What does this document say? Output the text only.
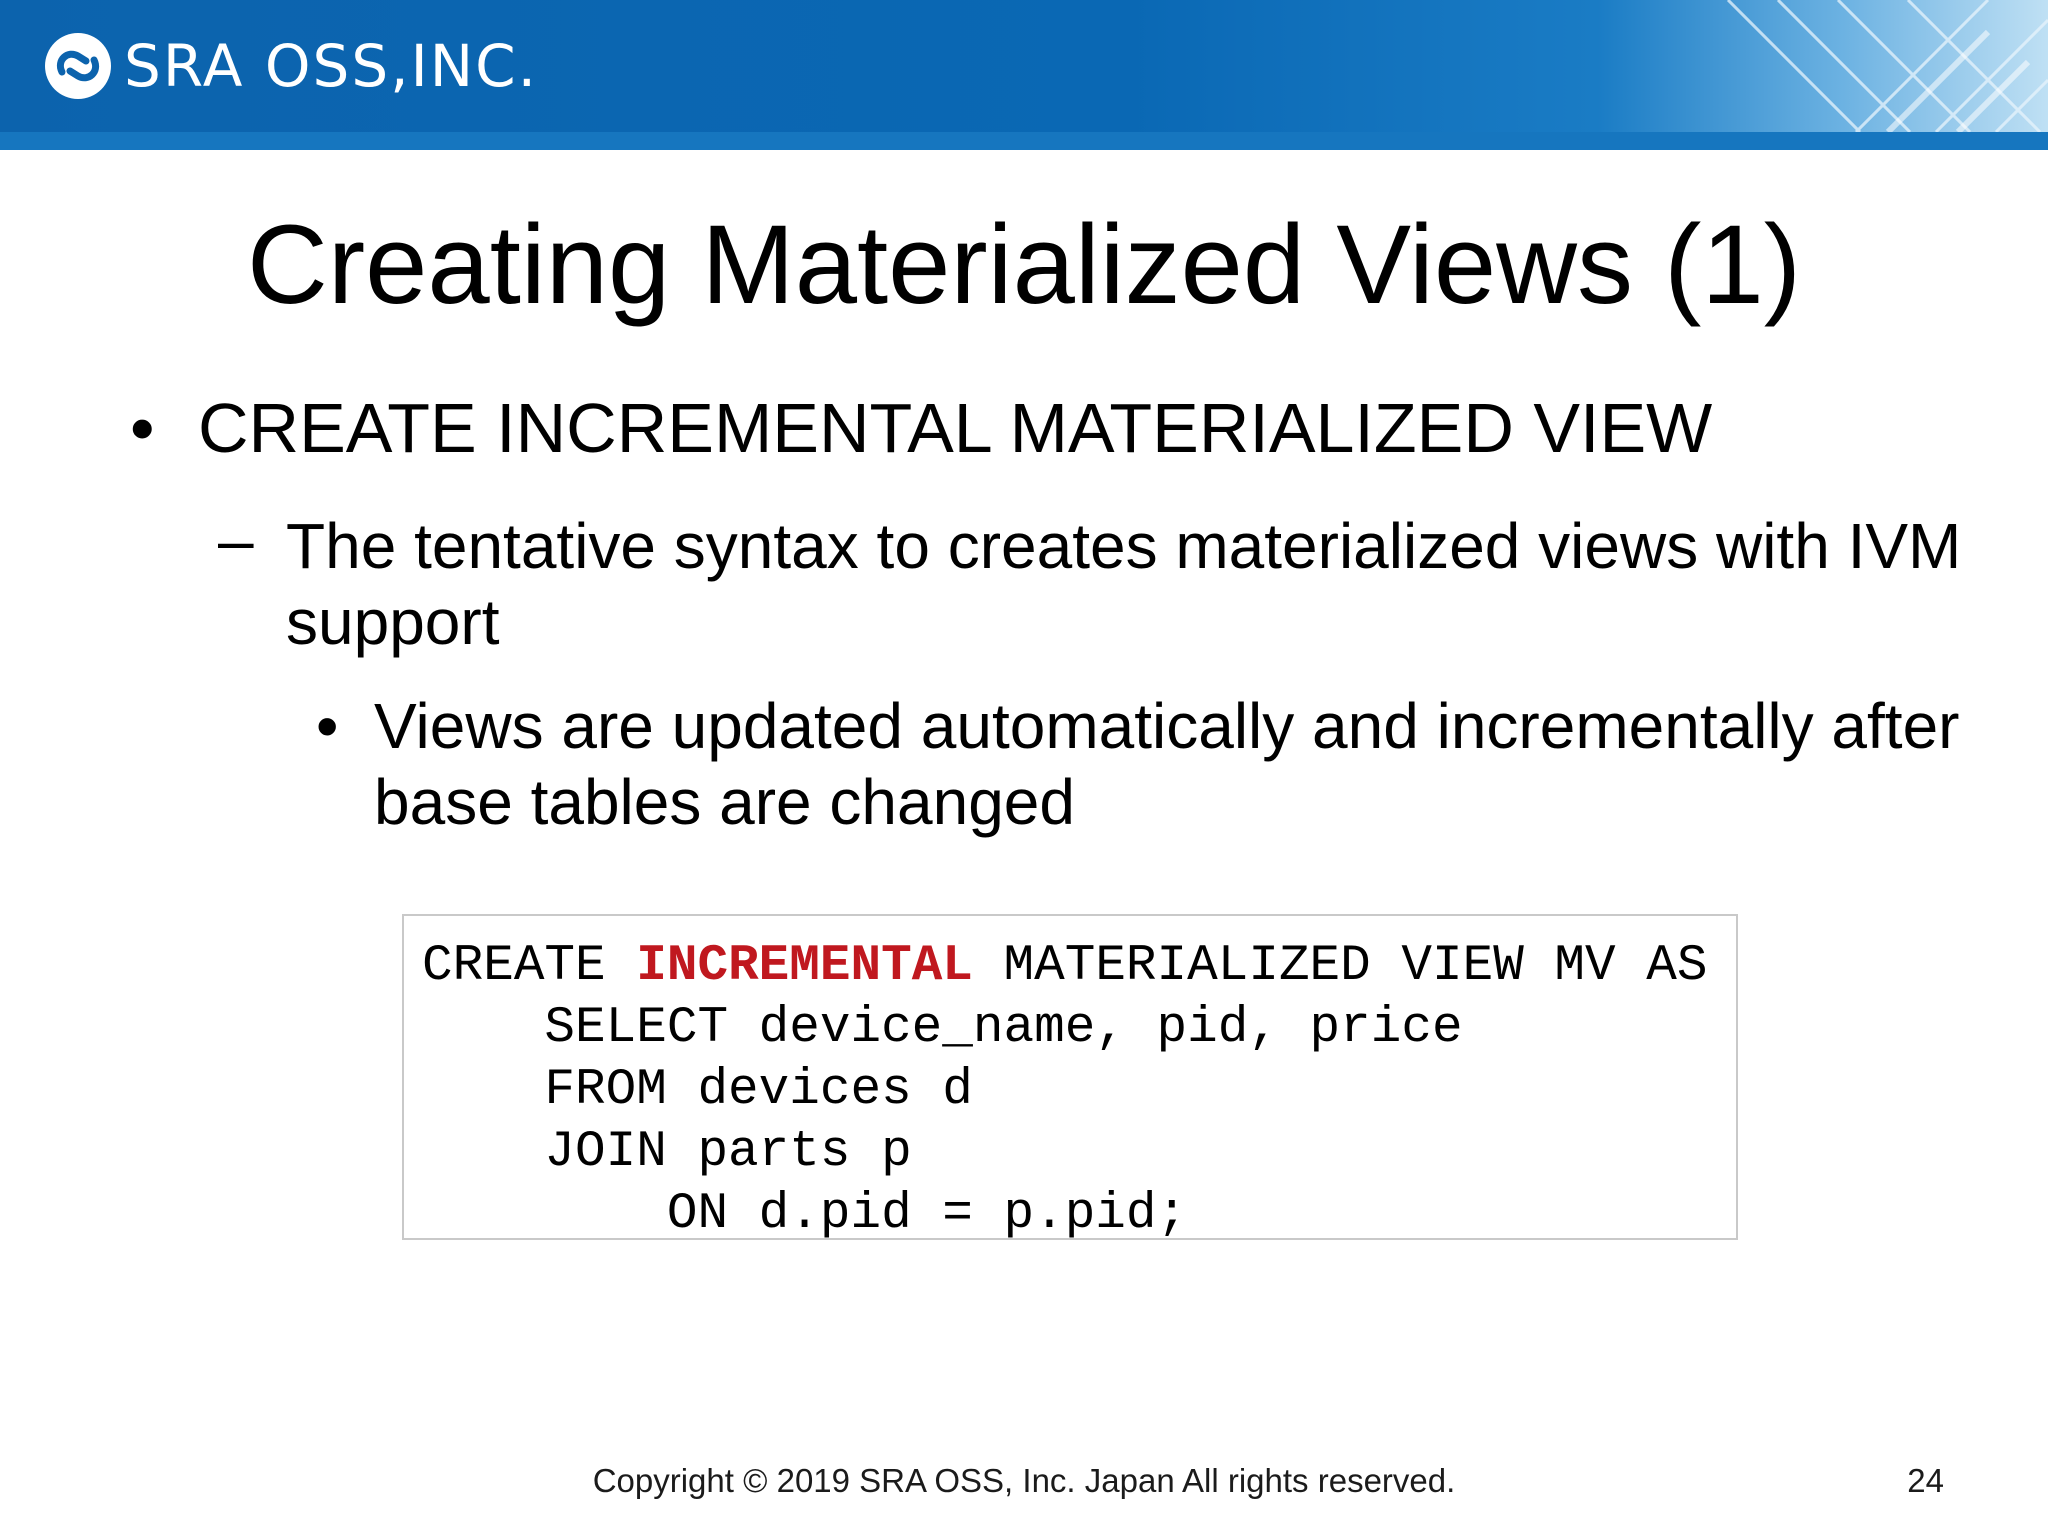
SRA OSS,INC.
Creating Materialized Views (1)
• CREATE INCREMENTAL MATERIALIZED VIEW
– The tentative syntax to creates materialized views with IVM support
• Views are updated automatically and incrementally after base tables are changed
CREATE INCREMENTAL MATERIALIZED VIEW MV AS
SELECT device_name, pid, price
FROM devices d
JOIN parts p
ON d.pid = p.pid;
Copyright © 2019 SRA OSS, Inc. Japan All rights reserved.	24
